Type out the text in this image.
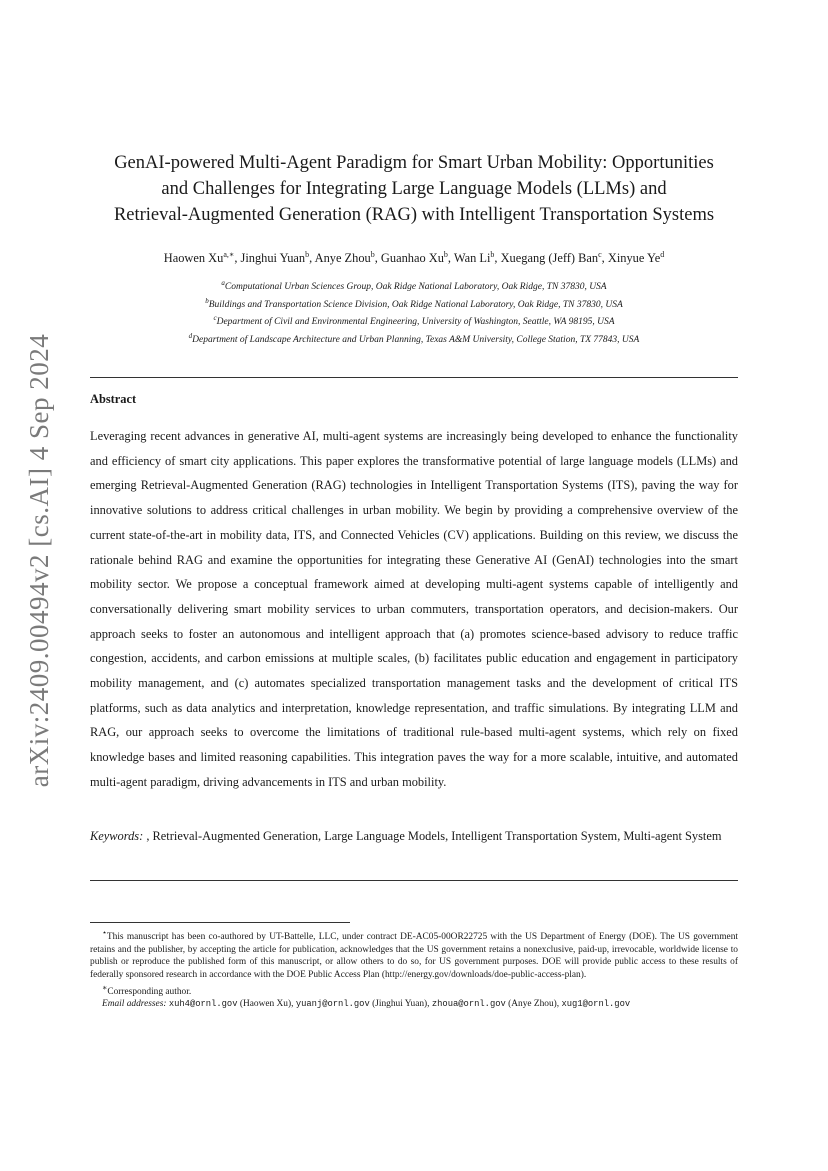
arXiv:2409.00494v2 [cs.AI] 4 Sep 2024
GenAI-powered Multi-Agent Paradigm for Smart Urban Mobility: Opportunities
and Challenges for Integrating Large Language Models (LLMs) and
Retrieval-Augmented Generation (RAG) with Intelligent Transportation Systems
Haowen $Xu^{a,∗}$, Jinghui Yuan$^b$, Anye Zhou$^b$, Guanhao Xu$^b$, Wan Li$^b$, Xuegang (Jeff) Ban$^c$, Xinyue Ye$^d$
$^a$Computational Urban Sciences Group, Oak Ridge National Laboratory, Oak Ridge, TN 37830, USA
$^b$Buildings and Transportation Science Division, Oak Ridge National Laboratory, Oak Ridge, TN 37830, USA
$^c$Department of Civil and Environmental Engineering, University of Washington, Seattle, WA 98195, USA
$^d$Department of Landscape Architecture and Urban Planning, Texas A&M University, College Station, TX 77843, USA
Abstract

Leveraging recent advances in generative AI, multi-agent systems are increasingly being developed to enhance the functionality and efficiency of smart city applications. This paper explores the transformative potential of large language models (LLMs) and emerging Retrieval-Augmented Generation (RAG) technologies in Intelligent Transportation Systems (ITS), paving the way for innovative solutions to address critical challenges in urban mobility. We begin by providing a comprehensive overview of the current state-of-the-art in mobility data, ITS, and Connected Vehicles (CV) applications. Building on this review, we discuss the rationale behind RAG and examine the opportunities for integrating these Generative AI (GenAI) technologies into the smart mobility sector. We propose a conceptual framework aimed at developing multi-agent systems capable of intelligently and conversationally delivering smart mobility services to urban commuters, transportation operators, and decision-makers. Our approach seeks to foster an autonomous and intelligent approach that (a) promotes science-based advisory to reduce traffic congestion, accidents, and carbon emissions at multiple scales, (b) facilitates public education and engagement in participatory mobility management, and (c) automates specialized transportation management tasks and the development of critical ITS platforms, such as data analytics and interpretation, knowledge representation, and traffic simulations. By integrating LLM and RAG, our approach seeks to overcome the limitations of traditional rule-based multi-agent systems, which rely on fixed knowledge bases and limited reasoning capabilities. This integration paves the way for a more scalable, intuitive, and automated multi-agent paradigm, driving advancements in ITS and urban mobility.

Keywords: , Retrieval-Augmented Generation, Large Language Models, Intelligent Transportation System, Multi-agent System

⋆This manuscript has been co-authored by UT-Battelle, LLC, under contract DE-AC05-00OR22725 with the US Department of Energy (DOE). The US government retains and the publisher, by accepting the article for publication, acknowledges that the US government retains a nonexclusive, paid-up, irrevocable, worldwide license to publish or reproduce the published form of this manuscript, or allow others to do so, for US government purposes. DOE will provide public access to these results of federally sponsored research in accordance with the DOE Public Access Plan (http://energy.gov/downloads/doe-public-access-plan).

∗Corresponding author.

Email addresses: xuh4@ornl.gov (Haowen Xu), yuanj@ornl.gov (Jinghui Yuan), zhoua@ornl.gov (Anye Zhou), xug1@ornl.gov
